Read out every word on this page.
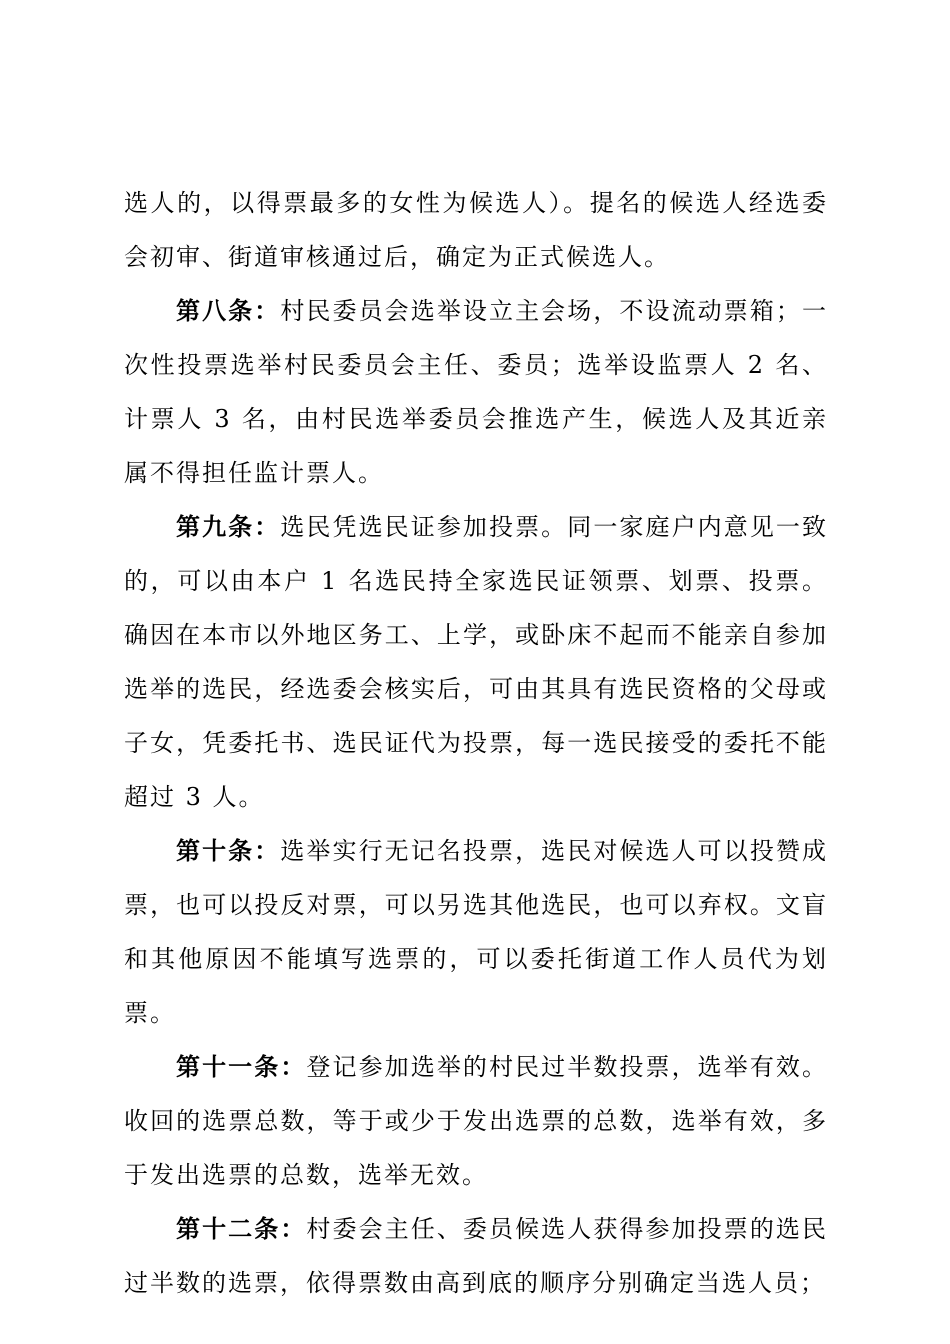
选人的，以得票最多的女性为候选人）。提名的候选人经选委会初审、街道审核通过后，确定为正式候选人。

第八条：村民委员会选举设立主会场，不设流动票箱；一次性投票选举村民委员会主任、委员；选举设监票人 2 名、计票人 3 名，由村民选举委员会推选产生，候选人及其近亲属不得担任监计票人。

第九条：选民凭选民证参加投票。同一家庭户内意见一致的，可以由本户 1 名选民持全家选民证领票、划票、投票。确因在本市以外地区务工、上学，或卧床不起而不能亲自参加选举的选民，经选委会核实后，可由其具有选民资格的父母或子女，凭委托书、选民证代为投票，每一选民接受的委托不能超过 3 人。

第十条：选举实行无记名投票，选民对候选人可以投赞成票，也可以投反对票，可以另选其他选民，也可以弃权。文盲和其他原因不能填写选票的，可以委托街道工作人员代为划票。

第十一条：登记参加选举的村民过半数投票，选举有效。收回的选票总数，等于或少于发出选票的总数，选举有效，多于发出选票的总数，选举无效。

第十二条：村委会主任、委员候选人获得参加投票的选民过半数的选票，依得票数由高到底的顺序分别确定当选人员；
